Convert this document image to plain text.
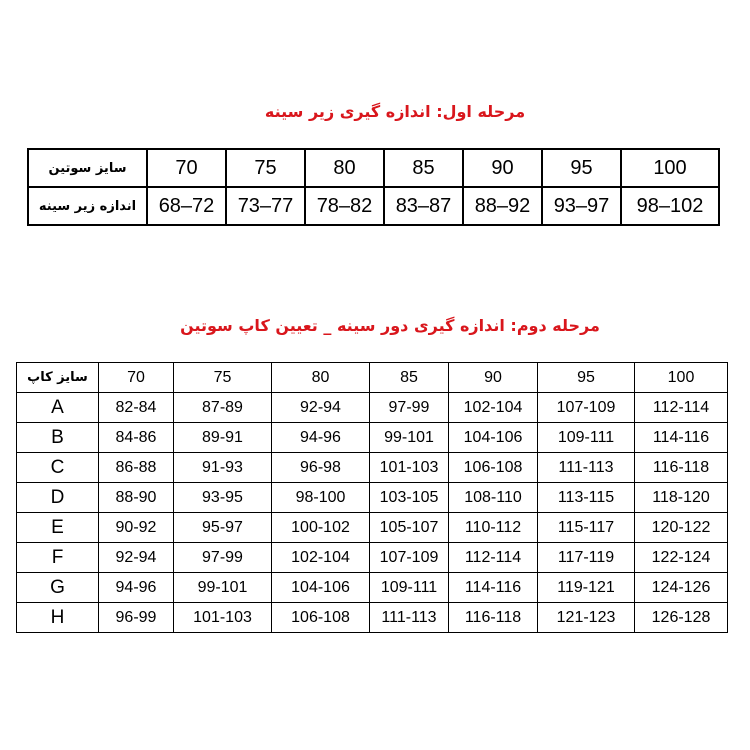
مرحله اول: اندازه گیری زیر سینه
سایز سوتین	70	75	80	85	90	95	100
اندازه زیر سینه	68–72	73–77	78–82	83–87	88–92	93–97	98–102
مرحله دوم: اندازه گیری دور سینه _ تعیین کاپ سوتین
سایز کاپ	70	75	80	85	90	95	100
A	82-84	87-89	92-94	97-99	102-104	107-109	112-114
B	84-86	89-91	94-96	99-101	104-106	109-111	114-116
C	86-88	91-93	96-98	101-103	106-108	111-113	116-118
D	88-90	93-95	98-100	103-105	108-110	113-115	118-120
E	90-92	95-97	100-102	105-107	110-112	115-117	120-122
F	92-94	97-99	102-104	107-109	112-114	117-119	122-124
G	94-96	99-101	104-106	109-111	114-116	119-121	124-126
H	96-99	101-103	106-108	111-113	116-118	121-123	126-128
